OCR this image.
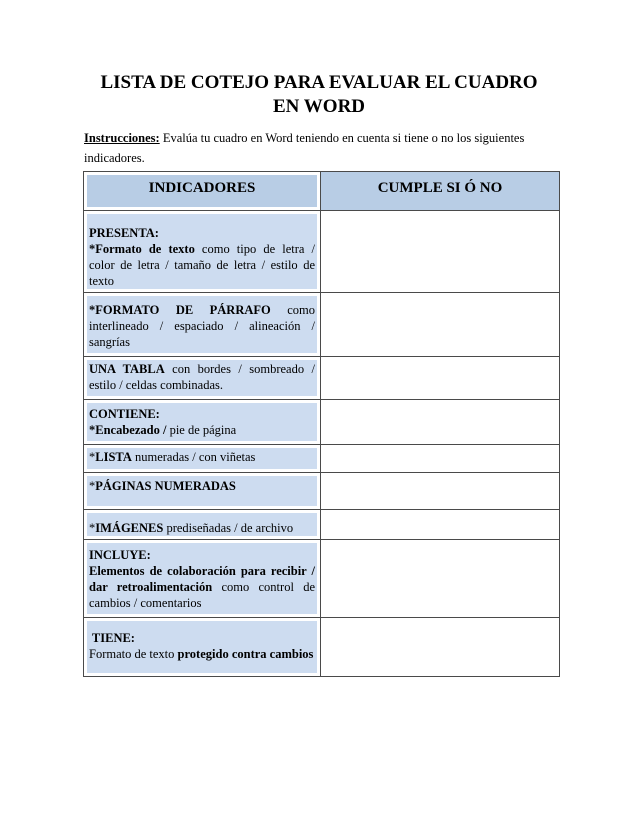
LISTA DE COTEJO PARA EVALUAR EL CUADRO
EN WORD
Instrucciones: Evalúa tu cuadro en Word teniendo en cuenta si tiene o no los siguientes indicadores.
INDICADORES	CUMPLE SI Ó NO

PRESENTA:
*Formato de texto como tipo de letra / color de letra / tamaño de letra / estilo de texto	

*FORMATO DE PÁRRAFO como interlineado / espaciado / alineación / sangrías	

UNA TABLA con bordes / sombreado / estilo / celdas combinadas.	

CONTIENE:
*Encabezado / pie de página	

*LISTA numeradas / con viñetas	

*PÁGINAS NUMERADAS	

*IMÁGENES prediseñadas / de archivo	

INCLUYE:
Elementos de colaboración para recibir / dar retroalimentación como control de cambios / comentarios	

TIENE:
Formato de texto protegido contra cambios	
